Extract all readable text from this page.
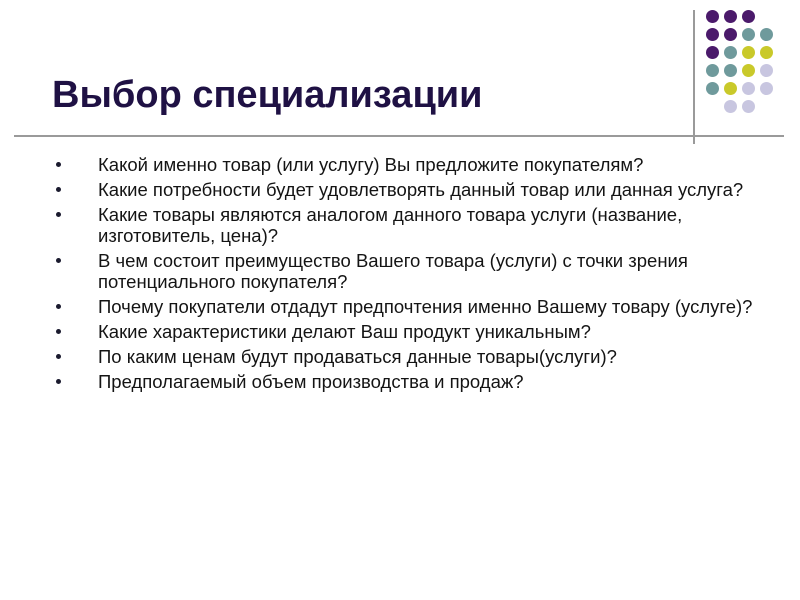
Выбор специализации
Какой именно товар (или услугу) Вы предложите покупателям?
Какие потребности будет удовлетворять данный товар или данная услуга?
Какие товары являются аналогом данного товара услуги (название, изготовитель, цена)?
В чем состоит преимущество Вашего товара (услуги) с точки зрения потенциального покупателя?
Почему покупатели отдадут предпочтения именно Вашему товару (услуге)?
Какие характеристики делают Ваш продукт уникальным?
По каким ценам будут продаваться данные товары(услуги)?
Предполагаемый объем производства и продаж?
